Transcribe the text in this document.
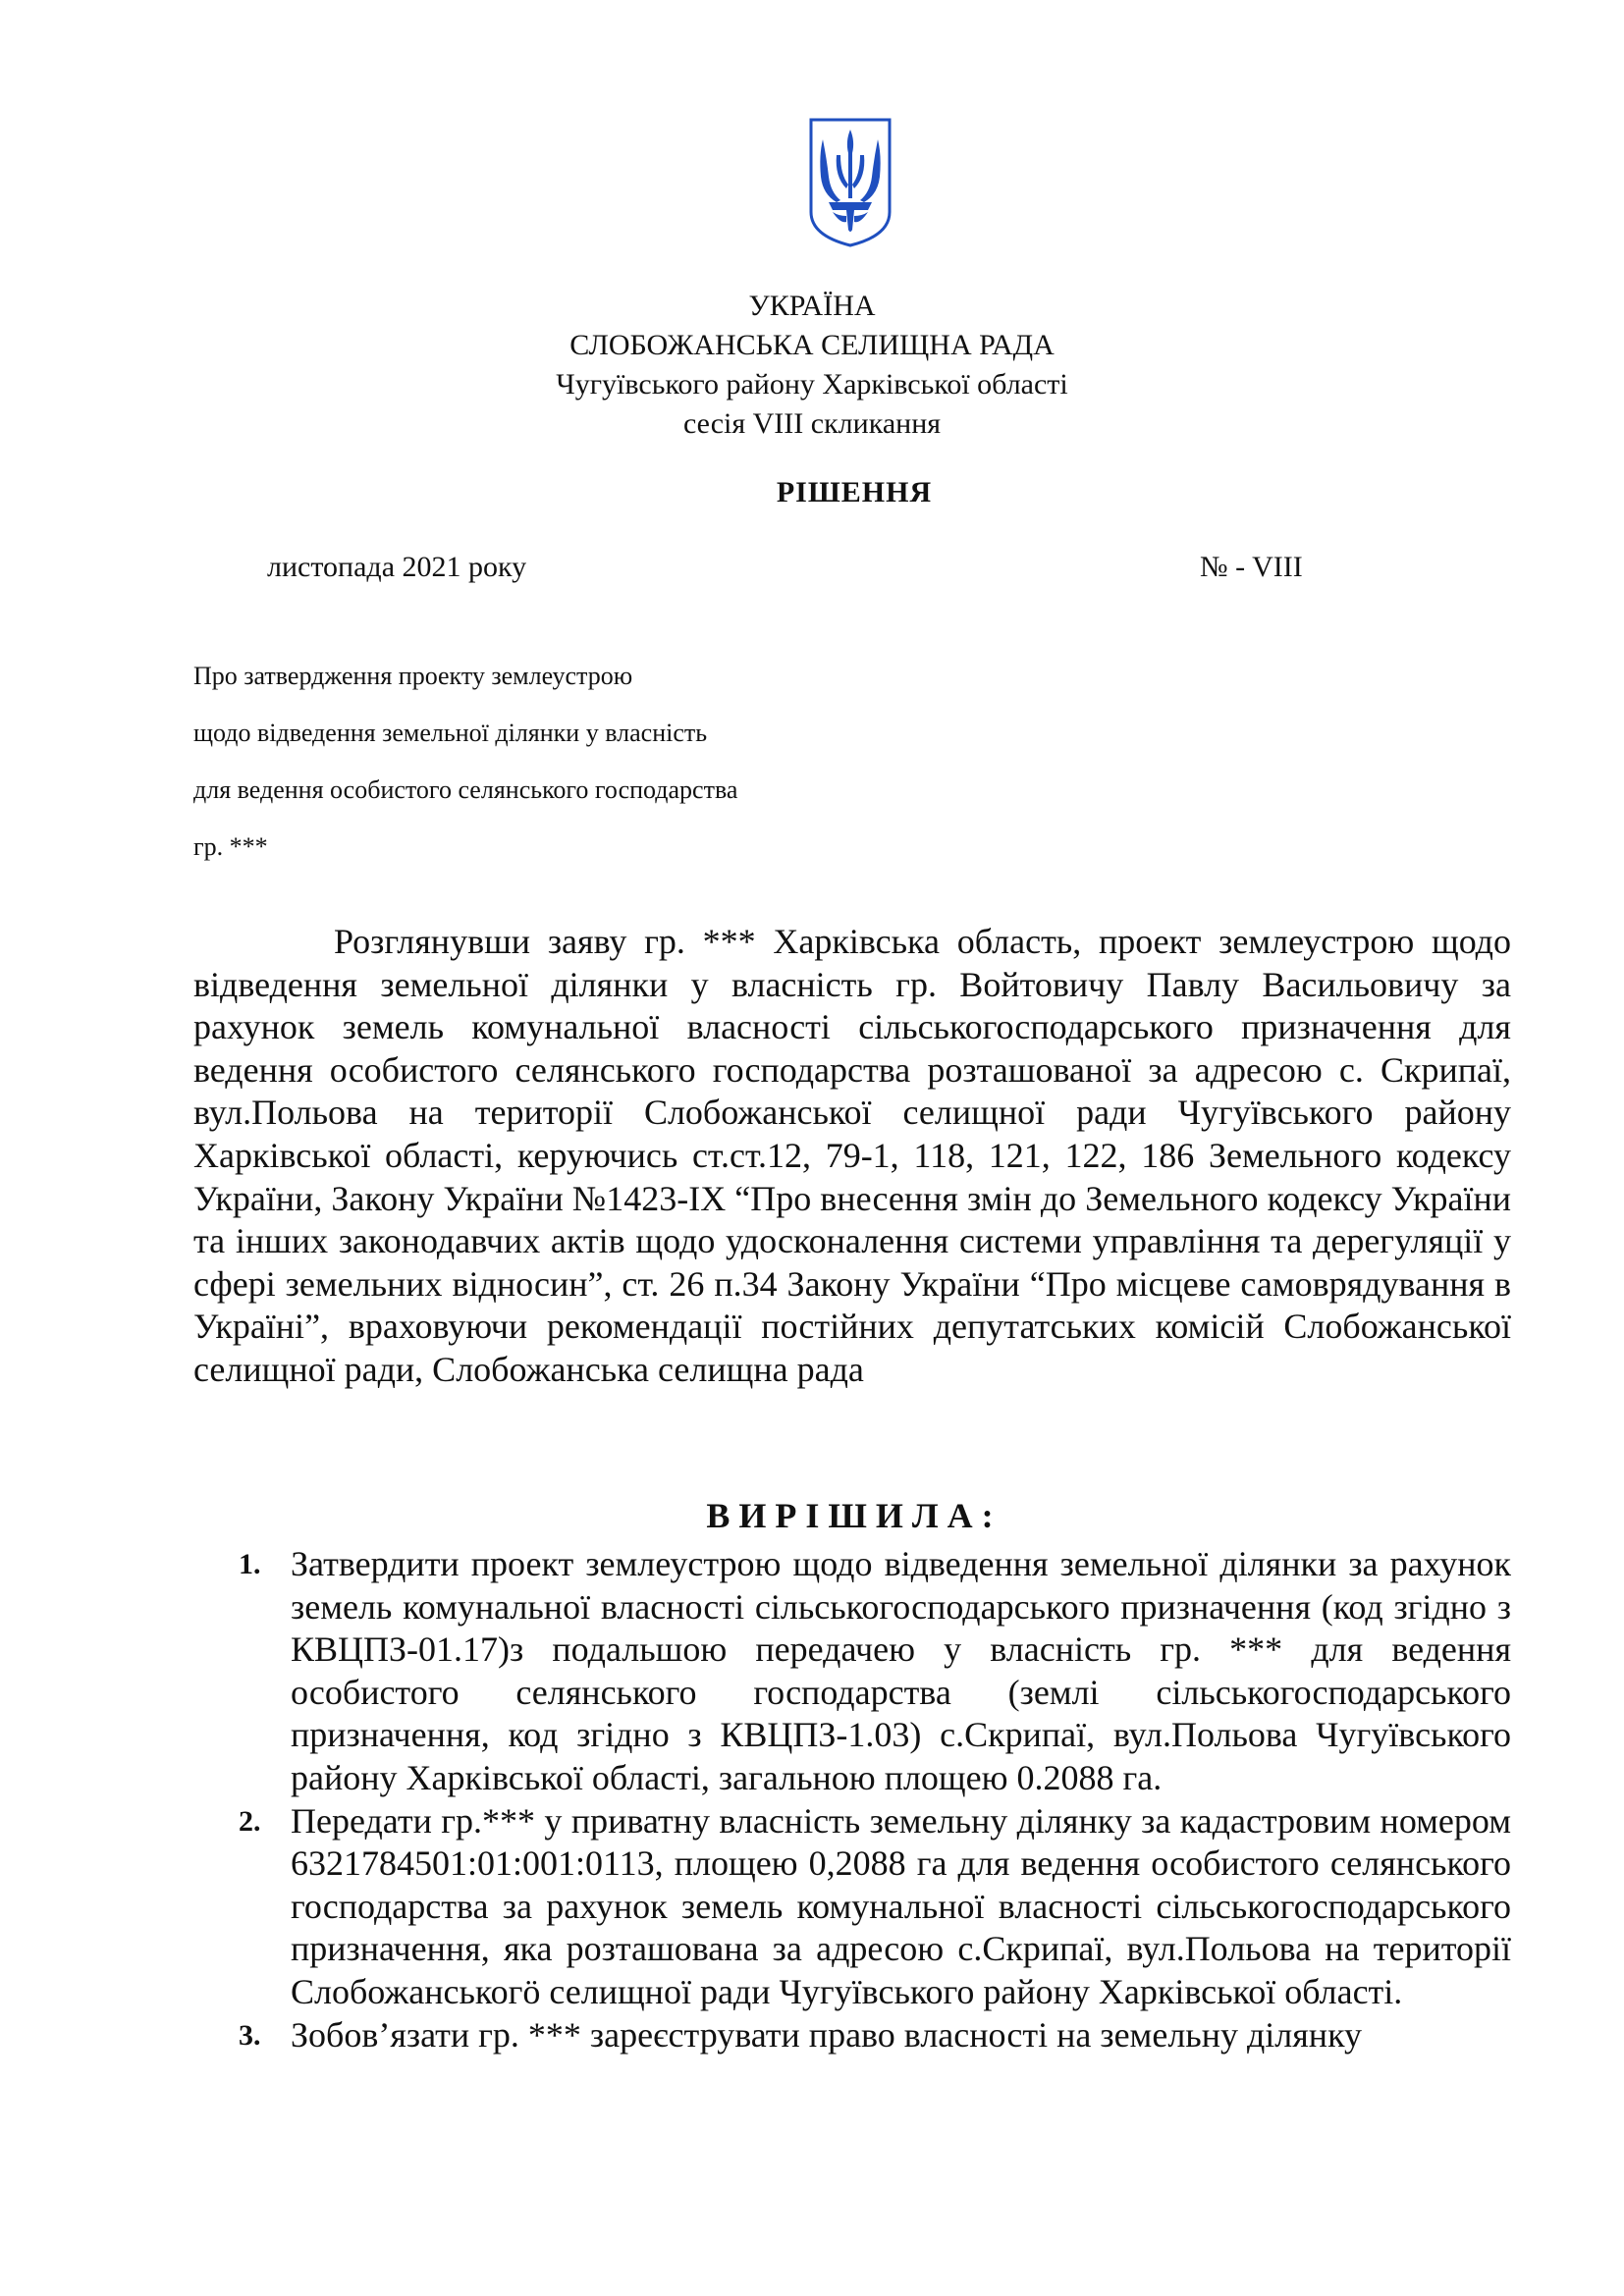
УКРАЇНА
СЛОБОЖАНСЬКА СЕЛИЩНА РАДА
Чугуївського району Харківської області
сесія VIII скликання
РІШЕННЯ
листопада 2021 року	№ - VIII
Про затвердження проекту землеустрою
щодо відведення земельної ділянки у власність
для ведення особистого селянського господарства
гр. ***

Розглянувши заяву гр. *** Харківська область, проект землеустрою щодо відведення земельної ділянки у власність гр. Войтовичу Павлу Васильовичу за рахунок земель комунальної власності сільськогосподарського призначення для ведення особистого селянського господарства розташованої за адресою с. Скрипаї, вул.Польова на території Слобожанської селищної ради Чугуївського району Харківської області, керуючись ст.ст.12, 79-1, 118, 121, 122, 186 Земельного кодексу України, Закону України №1423-IX “Про внесення змін до Земельного кодексу України та інших законодавчих актів щодо удосконалення системи управління та дерегуляції у сфері земельних відносин”, ст. 26 п.34 Закону України “Про місцеве самоврядування в Україні”, враховуючи рекомендації постійних депутатських комісій Слобожанської селищної ради, Слобожанська селищна рада

ВИРІШИЛА:
1. Затвердити проект землеустрою щодо відведення земельної ділянки за рахунок земель комунальної власності сільськогосподарського призначення (код згідно з КВЦПЗ-01.17)з подальшою передачею у власність гр. *** для ведення особистого селянського господарства (землі сільськогосподарського призначення, код згідно з КВЦПЗ-1.03) с.Скрипаї, вул.Польова Чугуївського району Харківської області, загальною площею 0.2088 га.
2. Передати гр.*** у приватну власність земельну ділянку за кадастровим номером 6321784501:01:001:0113, площею 0,2088 га для ведення особистого селянського господарства за рахунок земель комунальної власності сільськогосподарського призначення, яка розташована за адресою с.Скрипаї, вул.Польова на території Слобожанськогӧ селищної ради Чугуївського району Харківської області.
3. Зобов’язати гр. *** зареєструвати право власності на земельну ділянку
